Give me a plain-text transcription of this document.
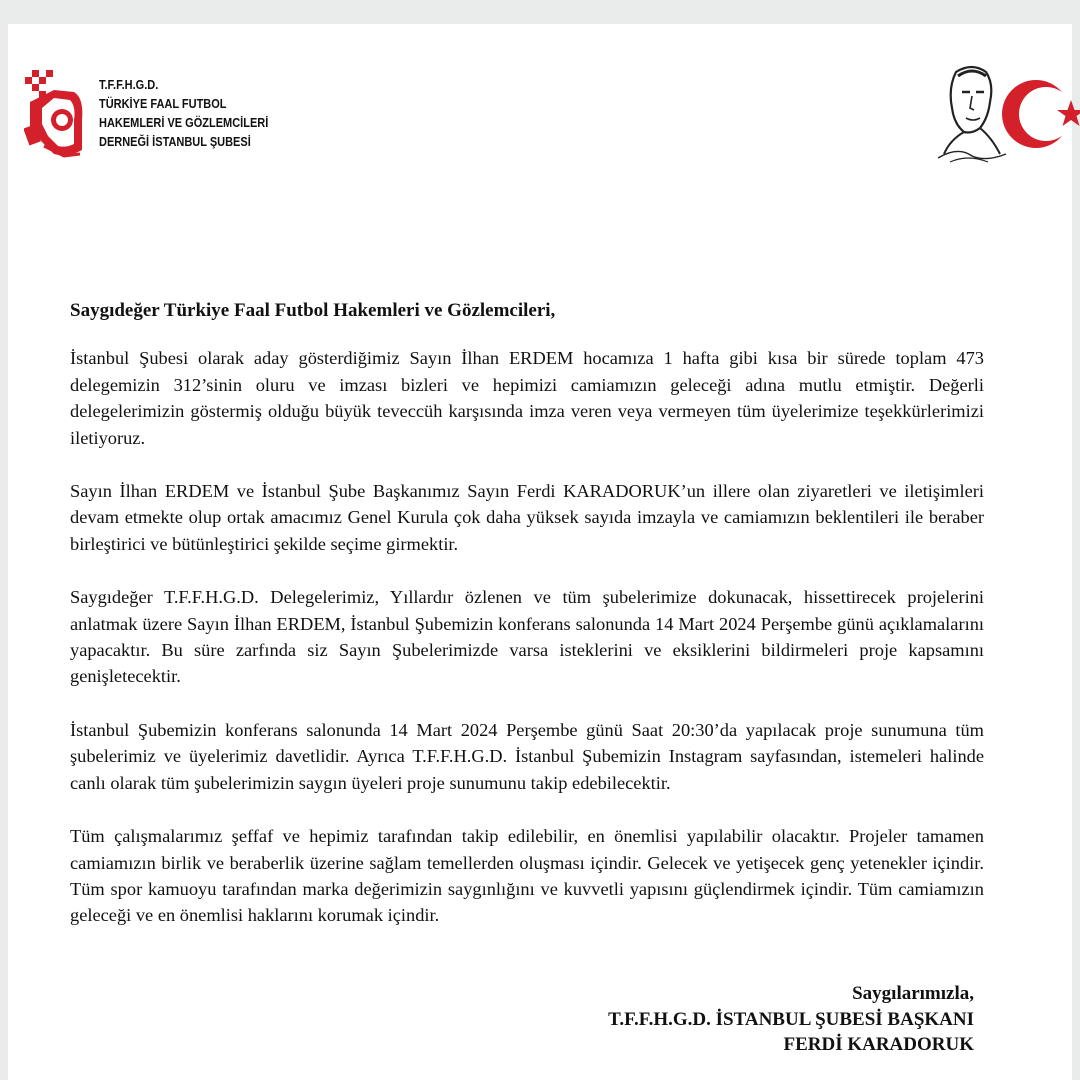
T.F.F.H.G.D.
TÜRKİYE FAAL FUTBOL
HAKEMLERİ VE GÖZLEMCİLERİ
DERNEĞİ İSTANBUL ŞUBESİ

Saygıdeğer Türkiye Faal Futbol Hakemleri ve Gözlemcileri,

İstanbul Şubesi olarak aday gösterdiğimiz Sayın İlhan ERDEM hocamıza 1 hafta gibi kısa bir sürede toplam 473 delegemizin 312’sinin oluru ve imzası bizleri ve hepimizi camiamızın geleceği adına mutlu etmiştir. Değerli delegelerimizin göstermiş olduğu büyük teveccüh karşısında imza veren veya vermeyen tüm üyelerimize teşekkürlerimizi iletiyoruz.

Sayın İlhan ERDEM ve İstanbul Şube Başkanımız Sayın Ferdi KARADORUK’un illere olan ziyaretleri ve iletişimleri devam etmekte olup ortak amacımız Genel Kurula çok daha yüksek sayıda imzayla ve camiamızın beklentileri ile beraber birleştirici ve bütünleştirici şekilde seçime girmektir.

Saygıdeğer T.F.F.H.G.D. Delegelerimiz, Yıllardır özlenen ve tüm şubelerimize dokunacak, hissettirecek projelerini anlatmak üzere Sayın İlhan ERDEM, İstanbul Şubemizin konferans salonunda 14 Mart 2024 Perşembe günü açıklamalarını yapacaktır. Bu süre zarfında siz Sayın Şubelerimizde varsa isteklerini ve eksiklerini bildirmeleri proje kapsamını genişletecektir.

İstanbul Şubemizin konferans salonunda 14 Mart 2024 Perşembe günü Saat 20:30’da yapılacak proje sunumuna tüm şubelerimiz ve üyelerimiz davetlidir. Ayrıca T.F.F.H.G.D. İstanbul Şubemizin Instagram sayfasından, istemeleri halinde canlı olarak tüm şubelerimizin saygın üyeleri proje sunumunu takip edebilecektir.

Tüm çalışmalarımız şeffaf ve hepimiz tarafından takip edilebilir, en önemlisi yapılabilir olacaktır. Projeler tamamen camiamızın birlik ve beraberlik üzerine sağlam temellerden oluşması içindir. Gelecek ve yetişecek genç yetenekler içindir. Tüm spor kamuoyu tarafından marka değerimizin saygınlığını ve kuvvetli yapısını güçlendirmek içindir. Tüm camiamızın geleceği ve en önemlisi haklarını korumak içindir.

Saygılarımızla,
T.F.F.H.G.D. İSTANBUL ŞUBESİ BAŞKANI
FERDİ KARADORUK
